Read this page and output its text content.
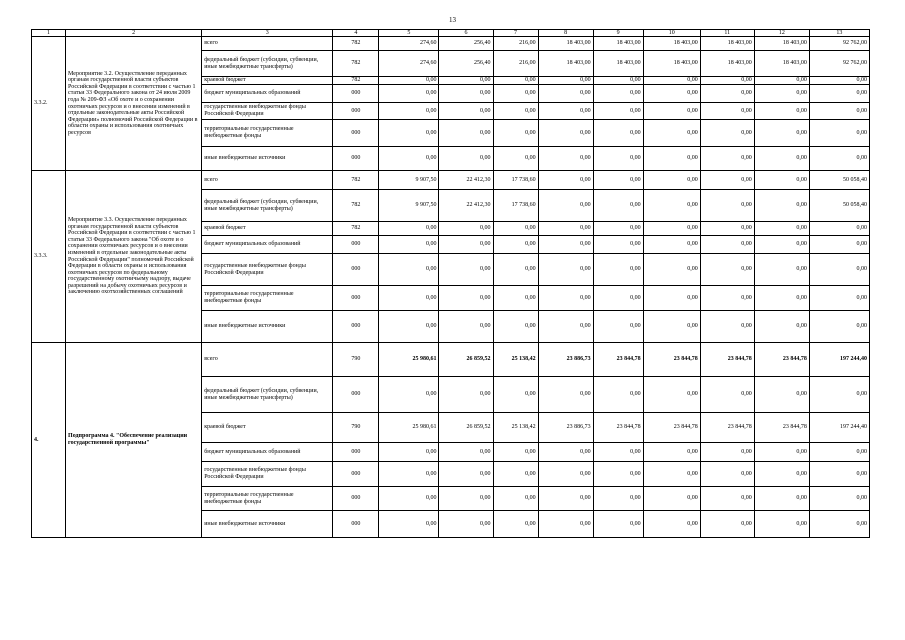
13
1	2	3	4	5	6	7	8	9	10	11	12	13
3.3.2.	Мероприятие 3.2. Осуществление переданных органам государственной власти субъектов Российской Федерации в соответствии с частью 1 статьи 33 Федерального закона от 24 июля 2009 года № 209-ФЗ «Об охоте и о сохранении охотничьих ресурсов и о внесении изменений в отдельные законодательные акты Российской Федерации» полномочий Российской Федерации в области охраны и использования охотничьих ресурсов	всего	782	274,60	256,40	216,00	18 403,00	18 403,00	18 403,00	18 403,00	18 403,00	92 762,00
		федеральный бюджет (субсидии, субвенции, иные межбюджетные трансферты)	782	274,60	256,40	216,00	18 403,00	18 403,00	18 403,00	18 403,00	18 403,00	92 762,00
		краевой бюджет	782	0,00	0,00	0,00	0,00	0,00	0,00	0,00	0,00	0,00
		бюджет муниципальных образований	000	0,00	0,00	0,00	0,00	0,00	0,00	0,00	0,00	0,00
		государственные внебюджетные фонды Российской Федерации	000	0,00	0,00	0,00	0,00	0,00	0,00	0,00	0,00	0,00
		территориальные государственные внебюджетные фонды	000	0,00	0,00	0,00	0,00	0,00	0,00	0,00	0,00	0,00
		иные внебюджетные источники	000	0,00	0,00	0,00	0,00	0,00	0,00	0,00	0,00	0,00
3.3.3.	Мероприятие 3.3. Осуществление переданных органам государственной власти субъектов Российской Федерации в соответствии с частью 1 статьи 33 Федерального закона "Об охоте и о сохранении охотничьих ресурсов и о внесении изменений в отдельные законодательные акты Российской Федерации" полномочий Российской Федерации в области охраны и использования охотничьих ресурсов по федеральному государственному охотничьему надзору, выдаче разрешений на добычу охотничьих ресурсов и заключению охотхозяйственных соглашений	всего	782	9 907,50	22 412,30	17 738,60	0,00	0,00	0,00	0,00	0,00	50 058,40
		федеральный бюджет (субсидии, субвенции, иные межбюджетные трансферты)	782	9 907,50	22 412,30	17 738,60	0,00	0,00	0,00	0,00	0,00	50 058,40
		краевой бюджет	782	0,00	0,00	0,00	0,00	0,00	0,00	0,00	0,00	0,00
		бюджет муниципальных образований	000	0,00	0,00	0,00	0,00	0,00	0,00	0,00	0,00	0,00
		государственные внебюджетные фонды Российской Федерации	000	0,00	0,00	0,00	0,00	0,00	0,00	0,00	0,00	0,00
		территориальные государственные внебюджетные фонды	000	0,00	0,00	0,00	0,00	0,00	0,00	0,00	0,00	0,00
		иные внебюджетные источники	000	0,00	0,00	0,00	0,00	0,00	0,00	0,00	0,00	0,00
4.	Подпрограмма 4. "Обеспечение реализации государственной программы"	всего	790	25 980,61	26 859,52	25 138,42	23 886,73	23 844,78	23 844,78	23 844,78	23 844,78	197 244,40
		федеральный бюджет (субсидии, субвенции, иные межбюджетные трансферты)	000	0,00	0,00	0,00	0,00	0,00	0,00	0,00	0,00	0,00
		краевой бюджет	790	25 980,61	26 859,52	25 138,42	23 886,73	23 844,78	23 844,78	23 844,78	23 844,78	197 244,40
		бюджет муниципальных образований	000	0,00	0,00	0,00	0,00	0,00	0,00	0,00	0,00	0,00
		государственные внебюджетные фонды Российской Федерации	000	0,00	0,00	0,00	0,00	0,00	0,00	0,00	0,00	0,00
		территориальные государственные внебюджетные фонды	000	0,00	0,00	0,00	0,00	0,00	0,00	0,00	0,00	0,00
		иные внебюджетные источники	000	0,00	0,00	0,00	0,00	0,00	0,00	0,00	0,00	0,00
